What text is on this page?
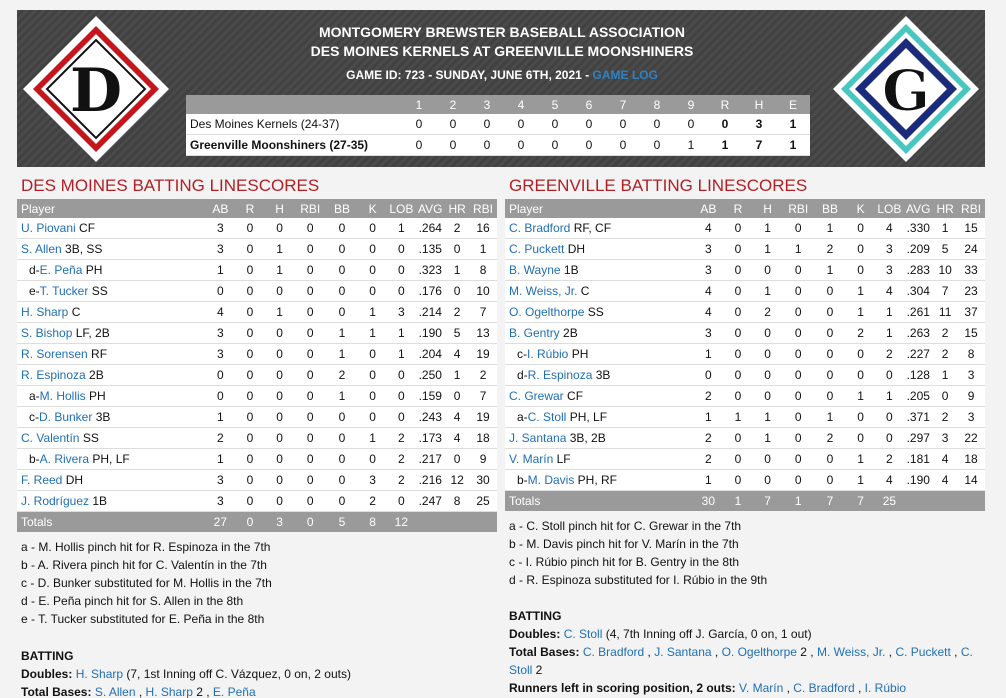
D	G
MONTGOMERY BREWSTER BASEBALL ASSOCIATION
DES MOINES KERNELS AT GREENVILLE MOONSHINERS
GAME ID: 723 - SUNDAY, JUNE 6TH, 2021 - GAME LOG
	1	2	3	4	5	6	7	8	9	R	H	E
Des Moines Kernels (24-37)	0	0	0	0	0	0	0	0	0	0	3	1
Greenville Moonshiners (27-35)	0	0	0	0	0	0	0	0	1	1	7	1
DES MOINES BATTING LINESCORES	GREENVILLE BATTING LINESCORES
Player	AB	R	H	RBI	BB	K	LOB	AVG	HR	RBI
U. Piovani CF	3	0	0	0	0	0	1	.264	2	16
S. Allen 3B, SS	3	0	1	0	0	0	0	.135	0	1
d-E. Peña PH	1	0	1	0	0	0	0	.323	1	8
e-T. Tucker SS	0	0	0	0	0	0	0	.176	0	10
H. Sharp C	4	0	1	0	0	1	3	.214	2	7
S. Bishop LF, 2B	3	0	0	0	1	1	1	.190	5	13
R. Sorensen RF	3	0	0	0	1	0	1	.204	4	19
R. Espinoza 2B	0	0	0	0	2	0	0	.250	1	2
a-M. Hollis PH	0	0	0	0	1	0	0	.159	0	7
c-D. Bunker 3B	1	0	0	0	0	0	0	.243	4	19
C. Valentín SS	2	0	0	0	0	1	2	.173	4	18
b-A. Rivera PH, LF	1	0	0	0	0	0	2	.217	0	9
F. Reed DH	3	0	0	0	0	3	2	.216	12	30
J. Rodríguez 1B	3	0	0	0	0	2	0	.247	8	25
Totals	27	0	3	0	5	8	12			
Player	AB	R	H	RBI	BB	K	LOB	AVG	HR	RBI
C. Bradford RF, CF	4	0	1	0	1	0	4	.330	1	15
C. Puckett DH	3	0	1	1	2	0	3	.209	5	24
B. Wayne 1B	3	0	0	0	1	0	3	.283	10	33
M. Weiss, Jr. C	4	0	1	0	0	1	4	.304	7	23
O. Ogelthorpe SS	4	0	2	0	0	1	1	.261	11	37
B. Gentry 2B	3	0	0	0	0	2	1	.263	2	15
c-I. Rúbio PH	1	0	0	0	0	0	2	.227	2	8
d-R. Espinoza 3B	0	0	0	0	0	0	0	.128	1	3
C. Grewar CF	2	0	0	0	0	1	1	.205	0	9
a-C. Stoll PH, LF	1	1	1	0	1	0	0	.371	2	3
J. Santana 3B, 2B	2	0	1	0	2	0	0	.297	3	22
V. Marín LF	2	0	0	0	0	1	2	.181	4	18
b-M. Davis PH, RF	1	0	0	0	0	1	4	.190	4	14
Totals	30	1	7	1	7	7	25			
a - M. Hollis pinch hit for R. Espinoza in the 7th
b - A. Rivera pinch hit for C. Valentín in the 7th
c - D. Bunker substituted for M. Hollis in the 7th
d - E. Peña pinch hit for S. Allen in the 8th
e - T. Tucker substituted for E. Peña in the 8th
a - C. Stoll pinch hit for C. Grewar in the 7th
b - M. Davis pinch hit for V. Marín in the 7th
c - I. Rúbio pinch hit for B. Gentry in the 8th
d - R. Espinoza substituted for I. Rúbio in the 9th
BATTING
Doubles: H. Sharp (7, 1st Inning off C. Vázquez, 0 on, 2 outs)
Total Bases: S. Allen , H. Sharp 2 , E. Peña
BATTING
Doubles: C. Stoll (4, 7th Inning off J. García, 0 on, 1 out)
Total Bases: C. Bradford , J. Santana , O. Ogelthorpe 2 , M. Weiss, Jr. , C. Puckett , C. Stoll 2
Runners left in scoring position, 2 outs: V. Marín , C. Bradford , I. Rúbio
